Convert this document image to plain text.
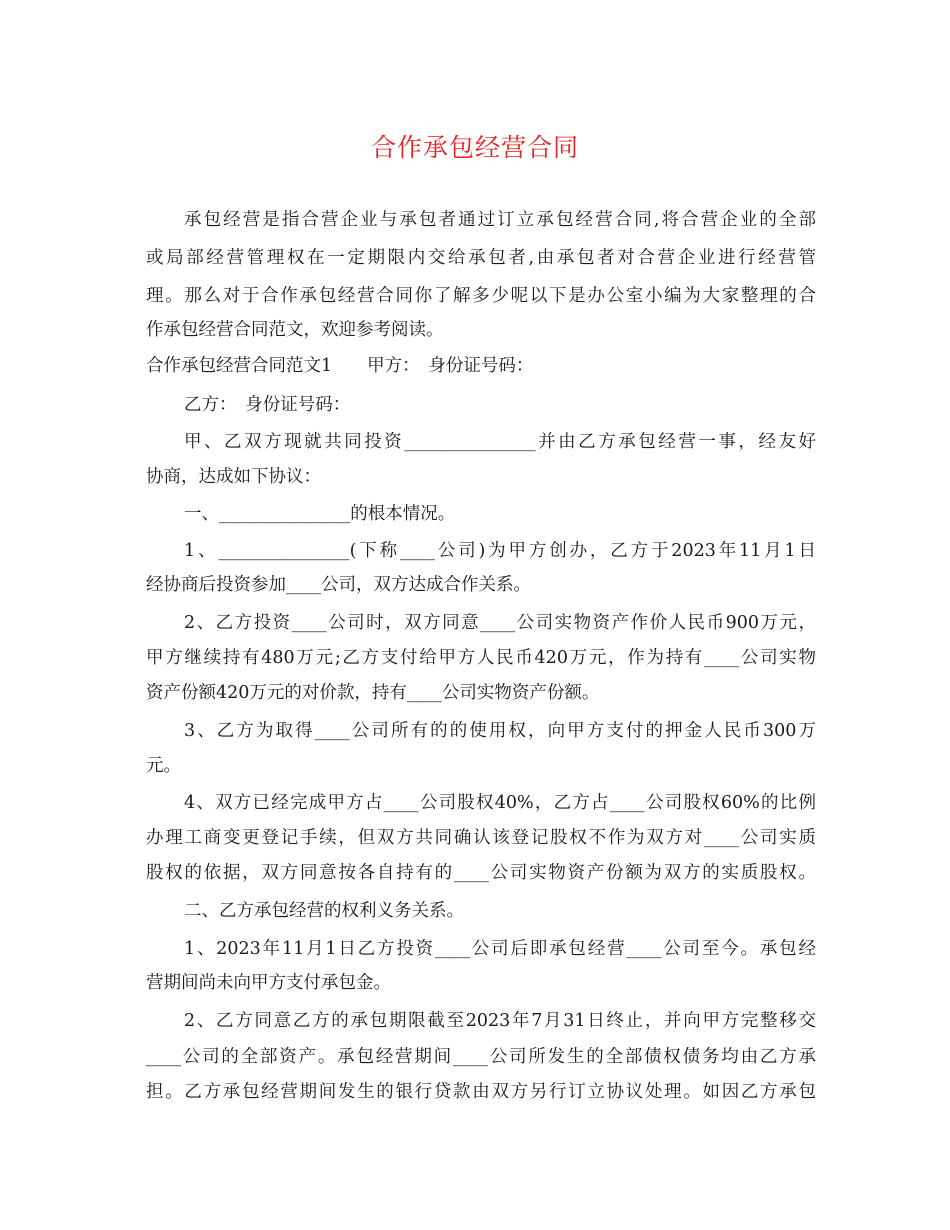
合作承包经营合同
承包经营是指合营企业与承包者通过订立承包经营合同,将合营企业的全部
或局部经营管理权在一定期限内交给承包者,由承包者对合营企业进行经营管
理。那么对于合作承包经营合同你了解多少呢以下是办公室小编为大家整理的合
作承包经营合同范文，欢迎参考阅读。
合作承包经营合同范文1　　甲方：　身份证号码：
乙方：　身份证号码：
甲、乙双方现就共同投资_______________并由乙方承包经营一事，经友好
协商，达成如下协议：
一、_______________的根本情况。
1、_______________(下称____公司)为甲方创办，乙方于2023年11月1日
经协商后投资参加____公司，双方达成合作关系。
2、乙方投资____公司时，双方同意____公司实物资产作价人民币900万元，
甲方继续持有480万元;乙方支付给甲方人民币420万元，作为持有____公司实物
资产份额420万元的对价款，持有____公司实物资产份额。
3、乙方为取得____公司所有的的使用权，向甲方支付的押金人民币300万
元。
4、双方已经完成甲方占____公司股权40%，乙方占____公司股权60%的比例
办理工商变更登记手续，但双方共同确认该登记股权不作为双方对____公司实质
股权的依据，双方同意按各自持有的____公司实物资产份额为双方的实质股权。
二、乙方承包经营的权利义务关系。
1、2023年11月1日乙方投资____公司后即承包经营____公司至今。承包经
营期间尚未向甲方支付承包金。
2、乙方同意乙方的承包期限截至2023年7月31日终止，并向甲方完整移交
____公司的全部资产。承包经营期间____公司所发生的全部债权债务均由乙方承
担。乙方承包经营期间发生的银行贷款由双方另行订立协议处理。如因乙方承包
